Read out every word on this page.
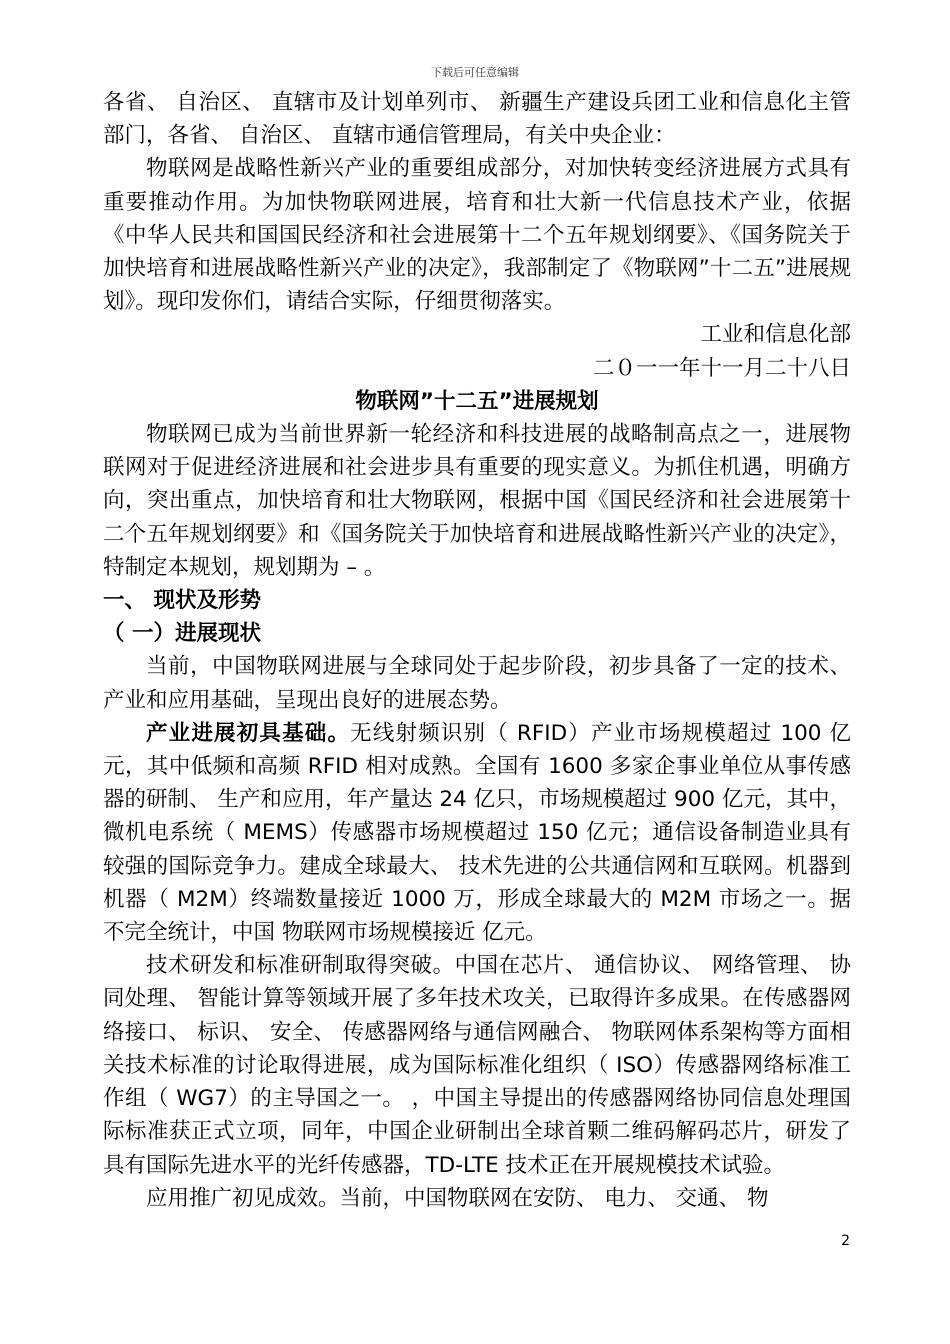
下载后可任意编辑

各省、 自治区、 直辖市及计划单列市、 新疆生产建设兵团工业和信息化主管部门，各省、 自治区、 直辖市通信管理局，有关中央企业：

物联网是战略性新兴产业的重要组成部分，对加快转变经济进展方式具有重要推动作用。为加快物联网进展，培育和壮大新一代信息技术产业，依据《中华人民共和国国民经济和社会进展第十二个五年规划纲要》、《国务院关于加快培育和进展战略性新兴产业的决定》，我部制定了《物联网”十二五”进展规划》。现印发你们，请结合实际，仔细贯彻落实。

工业和信息化部

二０一一年十一月二十八日

物联网”十二五”进展规划

物联网已成为当前世界新一轮经济和科技进展的战略制高点之一，进展物联网对于促进经济进展和社会进步具有重要的现实意义。为抓住机遇，明确方向，突出重点，加快培育和壮大物联网，根据中国《国民经济和社会进展第十二个五年规划纲要》和《国务院关于加快培育和进展战略性新兴产业的决定》，特制定本规划，规划期为 – 。

一、 现状及形势

（ 一）进展现状

当前，中国物联网进展与全球同处于起步阶段，初步具备了一定的技术、 产业和应用基础，呈现出良好的进展态势。

产业进展初具基础。无线射频识别（ RFID）产业市场规模超过 100 亿元，其中低频和高频 RFID 相对成熟。全国有 1600 多家企事业单位从事传感器的研制、 生产和应用，年产量达 24 亿只，市场规模超过 900 亿元，其中， 微机电系统（ MEMS）传感器市场规模超过 150 亿元；通信设备制造业具有较强的国际竞争力。建成全球最大、 技术先进的公共通信网和互联网。机器到机器（ M2M）终端数量接近 1000 万，形成全球最大的 M2M 市场之一。据不完全统计，中国 物联网市场规模接近 亿元。

技术研发和标准研制取得突破。中国在芯片、 通信协议、 网络管理、 协同处理、 智能计算等领域开展了多年技术攻关，已取得许多成果。在传感器网络接口、 标识、 安全、 传感器网络与通信网融合、 物联网体系架构等方面相关技术标准的讨论取得进展，成为国际标准化组织（ ISO）传感器网络标准工作组（ WG7）的主导国之一。 ，中国主导提出的传感器网络协同信息处理国际标准获正式立项，同年，中国企业研制出全球首颗二维码解码芯片，研发了具有国际先进水平的光纤传感器，TD-LTE 技术正在开展规模技术试验。

应用推广初见成效。当前，中国物联网在安防、 电力、 交通、 物

2
